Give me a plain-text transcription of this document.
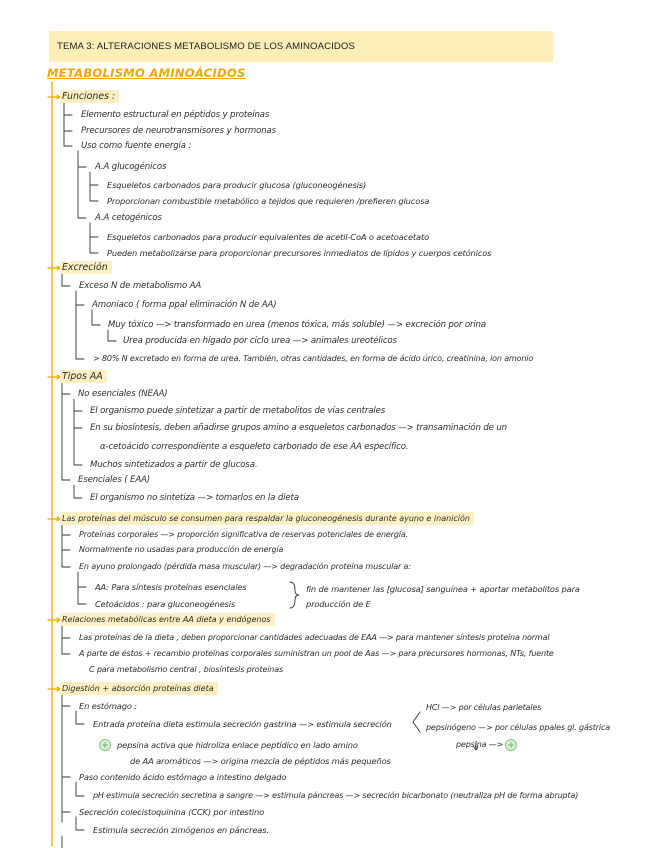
TEMA 3: ALTERACIONES METABOLISMO DE LOS AMINOACIDOS
METABOLISMO AMINOÁCIDOS
Funciones :
Elemento estructural en péptidos y proteínas
Precursores de neurotransmisores y hormonas
Uso como fuente energía :
A.A glucogénicos
Esqueletos carbonados para producir glucosa (gluconeogénesis)
Proporcionan combustible metabólico a tejidos que requieren /prefieren glucosa
A.A cetogénicos
Esqueletos carbonados para producir equivalentes de acetil-CoA o acetoacetato
Pueden metabolizarse para proporcionar precursores inmediatos de lípidos y cuerpos cetónicos
Excreción
Exceso N de metabolismo AA
Amoniaco ( forma ppal eliminación N de AA)
Muy tóxico —> transformado en urea (menos tóxica, más soluble) —> excreción por orina
Urea producida en hígado por ciclo urea —> animales ureotélicos
> 80% N excretado en forma de urea. También, otras cantidades, en forma de ácido úrico, creatinina, ion amonio
Tipos AA
No esenciales (NEAA)
El organismo puede sintetizar a partir de metabolitos de vías centrales
En su biosíntesis, deben añadirse grupos amino a esqueletos carbonados —> transaminación de un
α-cetoácido correspondiente a esqueleto carbonado de ese AA específico.
Muchos sintetizados a partir de glucosa.
Esenciales ( EAA)
El organismo no sintetiza —> tomarlos en la dieta
Las proteínas del músculo se consumen para respaldar la gluconeogénesis durante ayuno e inanición
Proteínas corporales —> proporción significativa de reservas potenciales de energía.
Normalmente no usadas para producción de energía
En ayuno prolongado (pérdida masa muscular) —> degradación proteína muscular a:
AA: Para síntesis proteínas esenciales
Cetoácidos : para gluconeogénesis
fin de mantener las [glucosa] sanguínea + aportar metabolitos para
producción de E
Relaciones metabólicas entre AA dieta y endógenos
Las proteínas de la dieta , deben proporcionar cantidades adecuadas de EAA —> para mantener síntesis proteína normal
A parte de éstos + recambio proteínas corporales suministran un pool de Aas —> para precursores hormonas, NTs, fuente
C para metabolismo central , biosíntesis proteínas
Digestión + absorción proteínas dieta
En estómago :
Entrada proteína dieta estimula secreción gastrina —> estimula secreción
pepsina activa que hidroliza enlace peptídico en lado amino
de AA aromáticos —> origina mezcla de péptidos más pequeños
HCl —> por células parietales
pepsinógeno —> por células ppales gl. gástrica
pepsina —>
Paso contenido ácido estómago a intestino delgado
pH estimula secreción secretina a sangre —> estimula páncreas —> secreción bicarbonato (neutraliza pH de forma abrupta)
Secreción colecistoquinina (CCK) por intestino
Estimula secreción zimógenos en páncreas.
